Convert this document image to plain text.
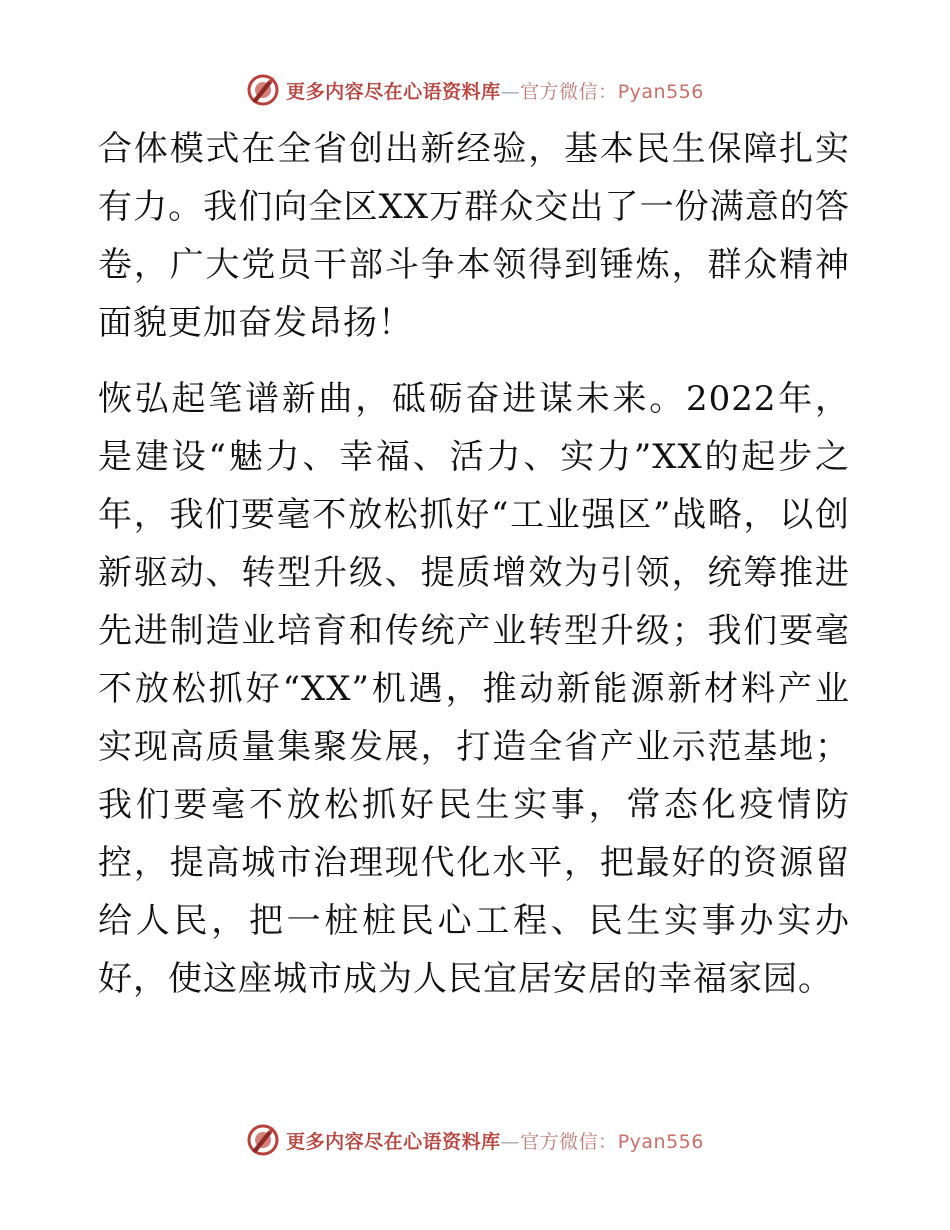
更多内容尽在心语资料库—官方微信：Pyan556

合体模式在全省创出新经验，基本民生保障扎实有力。我们向全区XX万群众交出了一份满意的答卷，广大党员干部斗争本领得到锤炼，群众精神面貌更加奋发昂扬！

恢弘起笔谱新曲，砥砺奋进谋未来。2022年，是建设“魅力、幸福、活力、实力”XX的起步之年，我们要毫不放松抓好“工业强区”战略，以创新驱动、转型升级、提质增效为引领，统筹推进先进制造业培育和传统产业转型升级；我们要毫不放松抓好“XX”机遇，推动新能源新材料产业实现高质量集聚发展，打造全省产业示范基地；我们要毫不放松抓好民生实事，常态化疫情防控，提高城市治理现代化水平，把最好的资源留给人民，把一桩桩民心工程、民生实事办实办好，使这座城市成为人民宜居安居的幸福家园。

更多内容尽在心语资料库—官方微信：Pyan556
